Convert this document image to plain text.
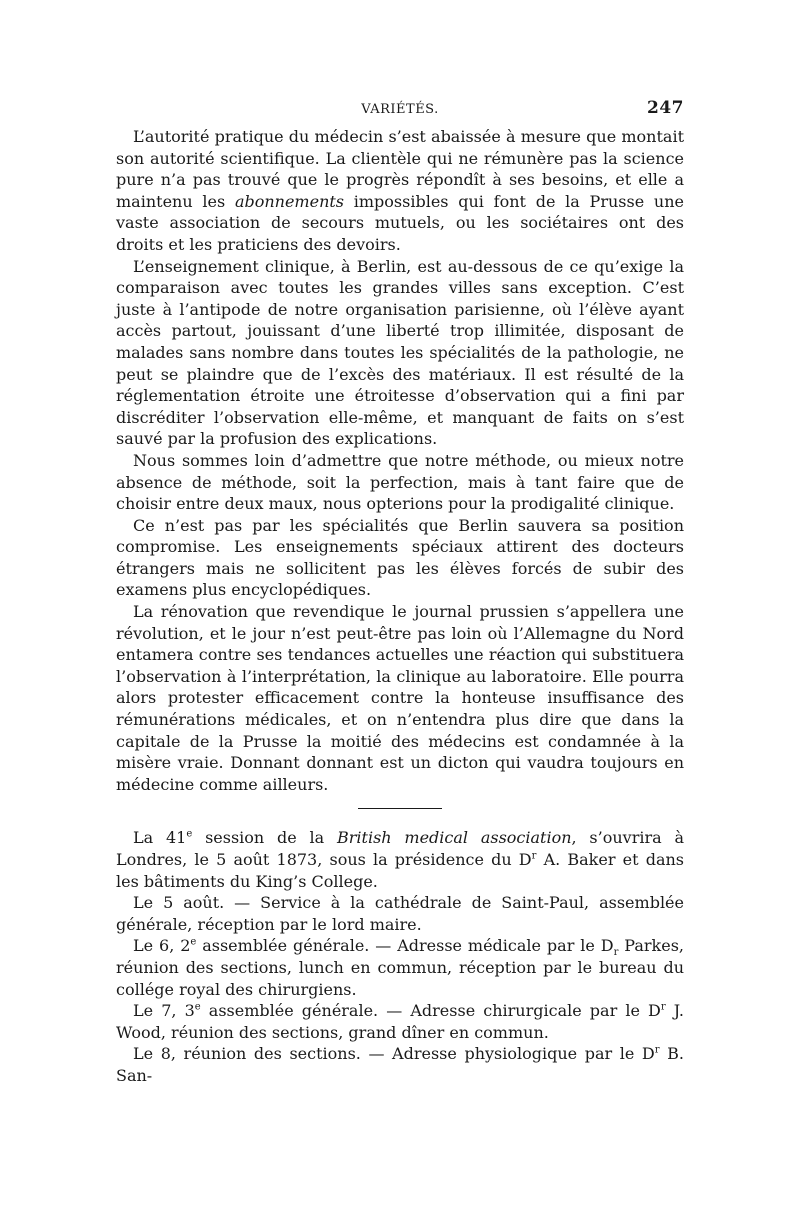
VARIÉTÉS.	247

L’autorité pratique du médecin s’est abaissée à mesure que montait son autorité scientifique. La clientèle qui ne rémunère pas la science pure n’a pas trouvé que le progrès répondît à ses besoins, et elle a maintenu les abonnements impossibles qui font de la Prusse une vaste association de secours mutuels, ou les sociétaires ont des droits et les praticiens des devoirs.

L’enseignement clinique, à Berlin, est au-dessous de ce qu’exige la comparaison avec toutes les grandes villes sans exception. C’est juste à l’antipode de notre organisation parisienne, où l’élève ayant accès partout, jouissant d’une liberté trop illimitée, disposant de malades sans nombre dans toutes les spécialités de la pathologie, ne peut se plaindre que de l’excès des matériaux. Il est résulté de la réglementation étroite une étroitesse d’observation qui a fini par discréditer l’observation elle-même, et manquant de faits on s’est sauvé par la profusion des explications.

Nous sommes loin d’admettre que notre méthode, ou mieux notre absence de méthode, soit la perfection, mais à tant faire que de choisir entre deux maux, nous opterions pour la prodigalité clinique.

Ce n’est pas par les spécialités que Berlin sauvera sa position compromise. Les enseignements spéciaux attirent des docteurs étrangers mais ne sollicitent pas les élèves forcés de subir des examens plus encyclopédiques.

La rénovation que revendique le journal prussien s’appellera une révolution, et le jour n’est peut-être pas loin où l’Allemagne du Nord entamera contre ses tendances actuelles une réaction qui substituera l’observation à l’interprétation, la clinique au laboratoire. Elle pourra alors protester efficacement contre la honteuse insuffisance des rémunérations médicales, et on n’entendra plus dire que dans la capitale de la Prusse la moitié des médecins est condamnée à la misère vraie. Donnant donnant est un dicton qui vaudra toujours en médecine comme ailleurs.

La 41e session de la British medical association, s’ouvrira à Londres, le 5 août 1873, sous la présidence du $D^r$ A. Baker et dans les bâtiments du King’s College.

Le 5 août. — Service à la cathédrale de Saint-Paul, assemblée générale, réception par le lord maire.

Le 6, 2e assemblée générale. — Adresse médicale par le $D_r$ Parkes, réunion des sections, lunch en commun, réception par le bureau du collége royal des chirurgiens.

Le 7, 3e assemblée générale. — Adresse chirurgicale par le $D^r$ J. Wood, réunion des sections, grand dîner en commun.

Le 8, réunion des sections. — Adresse physiologique par le $D^r$ B. San-
